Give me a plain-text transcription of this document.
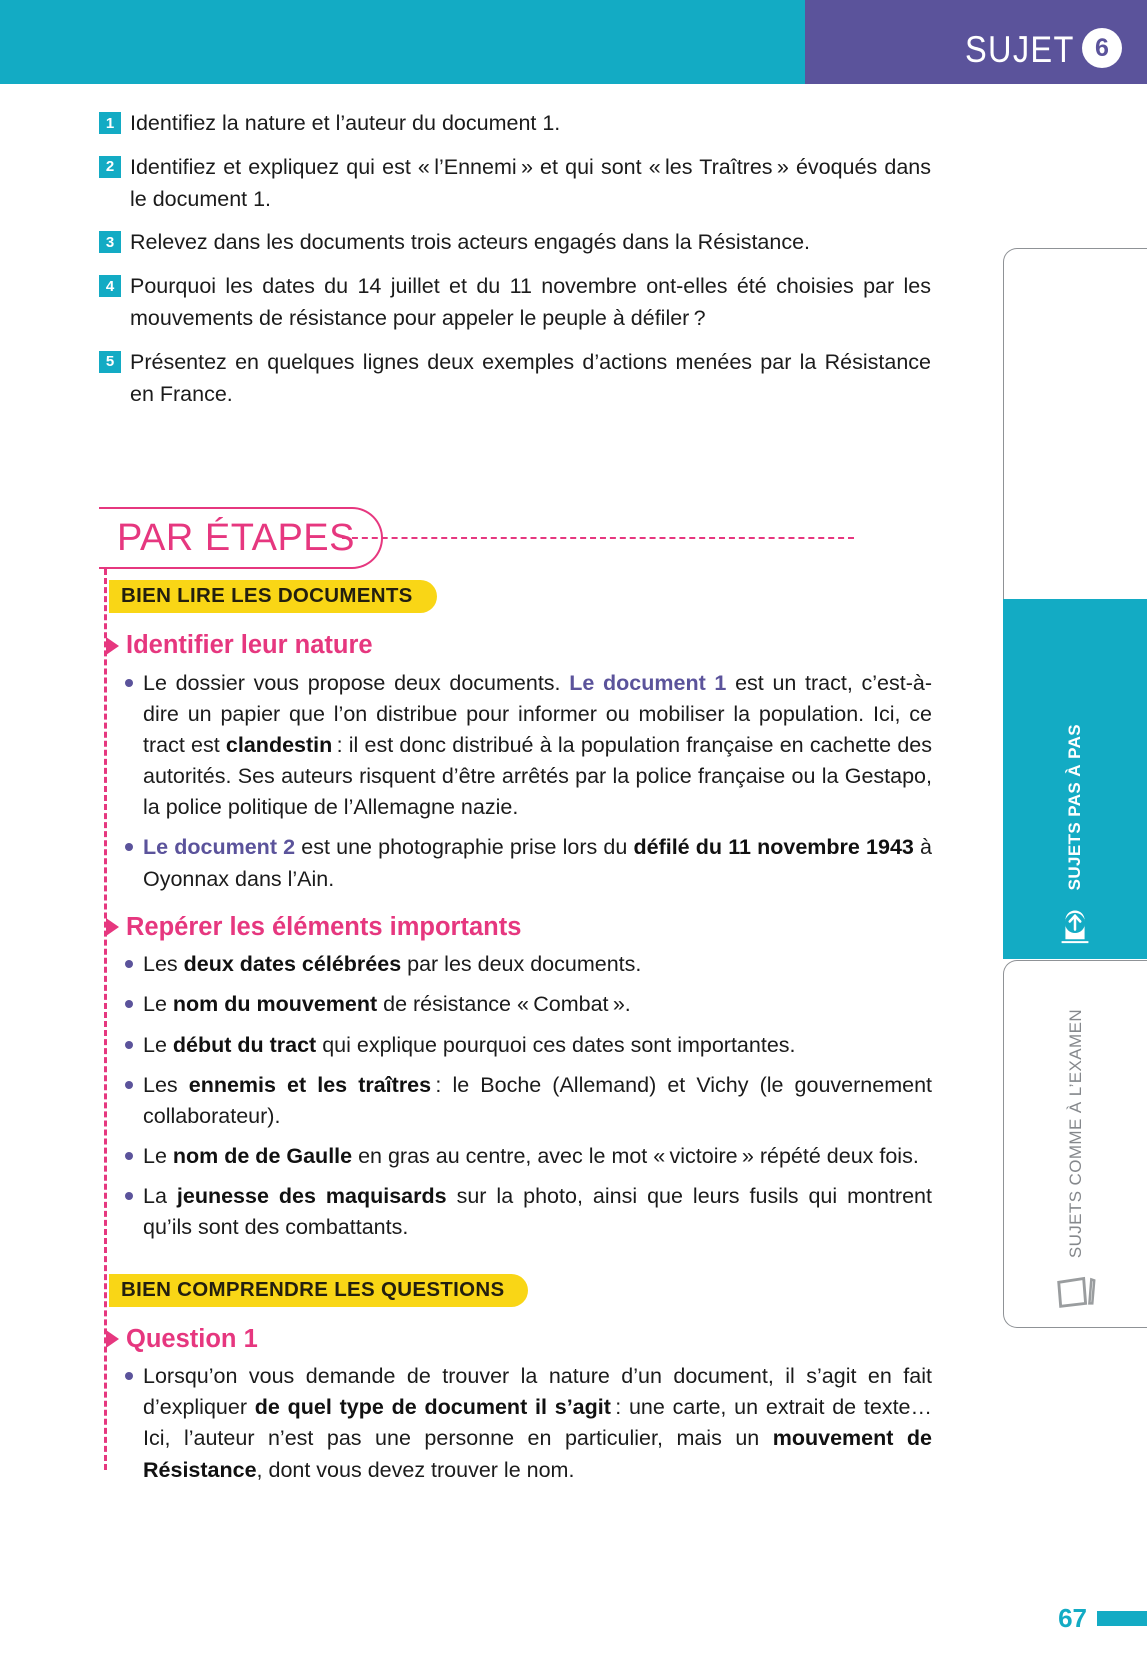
SUJET 6
1 Identifiez la nature et l’auteur du document 1.
2 Identifiez et expliquez qui est « l’Ennemi » et qui sont « les Traîtres » évoqués dans le document 1.
3 Relevez dans les documents trois acteurs engagés dans la Résistance.
4 Pourquoi les dates du 14 juillet et du 11 novembre ont-elles été choisies par les mouvements de résistance pour appeler le peuple à défiler ?
5 Présentez en quelques lignes deux exemples d’actions menées par la Résistance en France.
PAR ÉTAPES
BIEN LIRE LES DOCUMENTS
Identifier leur nature
Le dossier vous propose deux documents. Le document 1 est un tract, c’est-à-dire un papier que l’on distribue pour informer ou mobiliser la population. Ici, ce tract est clandestin : il est donc distribué à la population française en cachette des autorités. Ses auteurs risquent d’être arrêtés par la police française ou la Gestapo, la police politique de l’Allemagne nazie.
Le document 2 est une photographie prise lors du défilé du 11 novembre 1943 à Oyonnax dans l’Ain.
Repérer les éléments importants
Les deux dates célébrées par les deux documents.
Le nom du mouvement de résistance « Combat ».
Le début du tract qui explique pourquoi ces dates sont importantes.
Les ennemis et les traîtres : le Boche (Allemand) et Vichy (le gouvernement collaborateur).
Le nom de de Gaulle en gras au centre, avec le mot « victoire » répété deux fois.
La jeunesse des maquisards sur la photo, ainsi que leurs fusils qui montrent qu’ils sont des combattants.
BIEN COMPRENDRE LES QUESTIONS
Question 1
Lorsqu’on vous demande de trouver la nature d’un document, il s’agit en fait d’expliquer de quel type de document il s’agit : une carte, un extrait de texte… Ici, l’auteur n’est pas une personne en particulier, mais un mouvement de Résistance, dont vous devez trouver le nom.
SUJETS PAS À PAS
SUJETS COMME À L’EXAMEN
67
